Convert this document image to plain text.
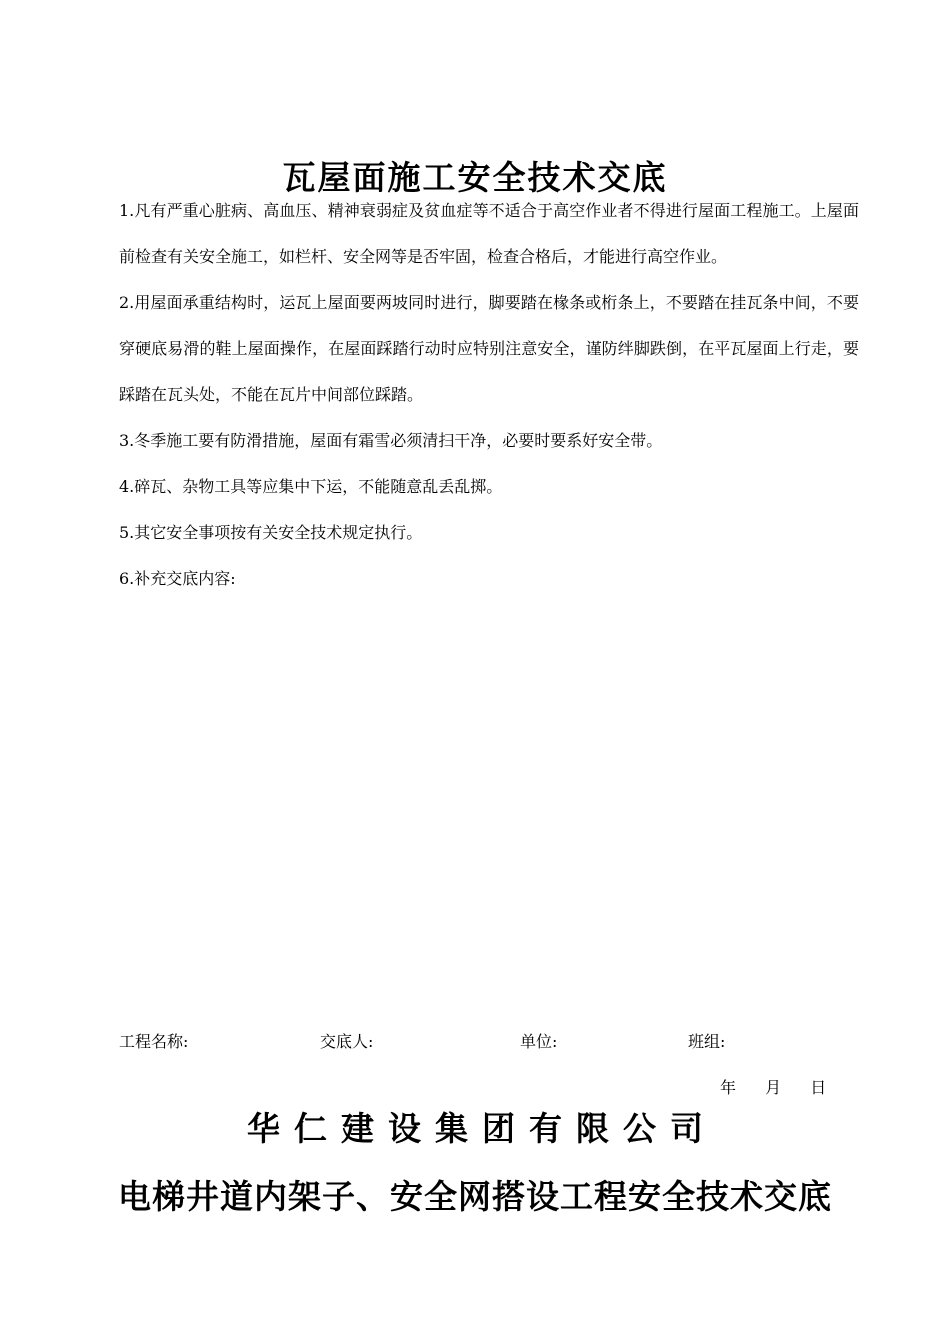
瓦屋面施工安全技术交底

1.凡有严重心脏病、高血压、精神衰弱症及贫血症等不适合于高空作业者不得进行屋面工程施工。上屋面前检查有关安全施工，如栏杆、安全网等是否牢固，检查合格后，才能进行高空作业。

2.用屋面承重结构时，运瓦上屋面要两坡同时进行，脚要踏在椽条或桁条上，不要踏在挂瓦条中间，不要穿硬底易滑的鞋上屋面操作，在屋面踩踏行动时应特别注意安全，谨防绊脚跌倒，在平瓦屋面上行走，要踩踏在瓦头处，不能在瓦片中间部位踩踏。

3.冬季施工要有防滑措施，屋面有霜雪必须清扫干净，必要时要系好安全带。

4.碎瓦、杂物工具等应集中下运，不能随意乱丢乱掷。

5.其它安全事项按有关安全技术规定执行。

6.补充交底内容:

工程名称:	交底人:	单位:	班组:
年 月 日
华仁建设集团有限公司
电梯井道内架子、安全网搭设工程安全技术交底
